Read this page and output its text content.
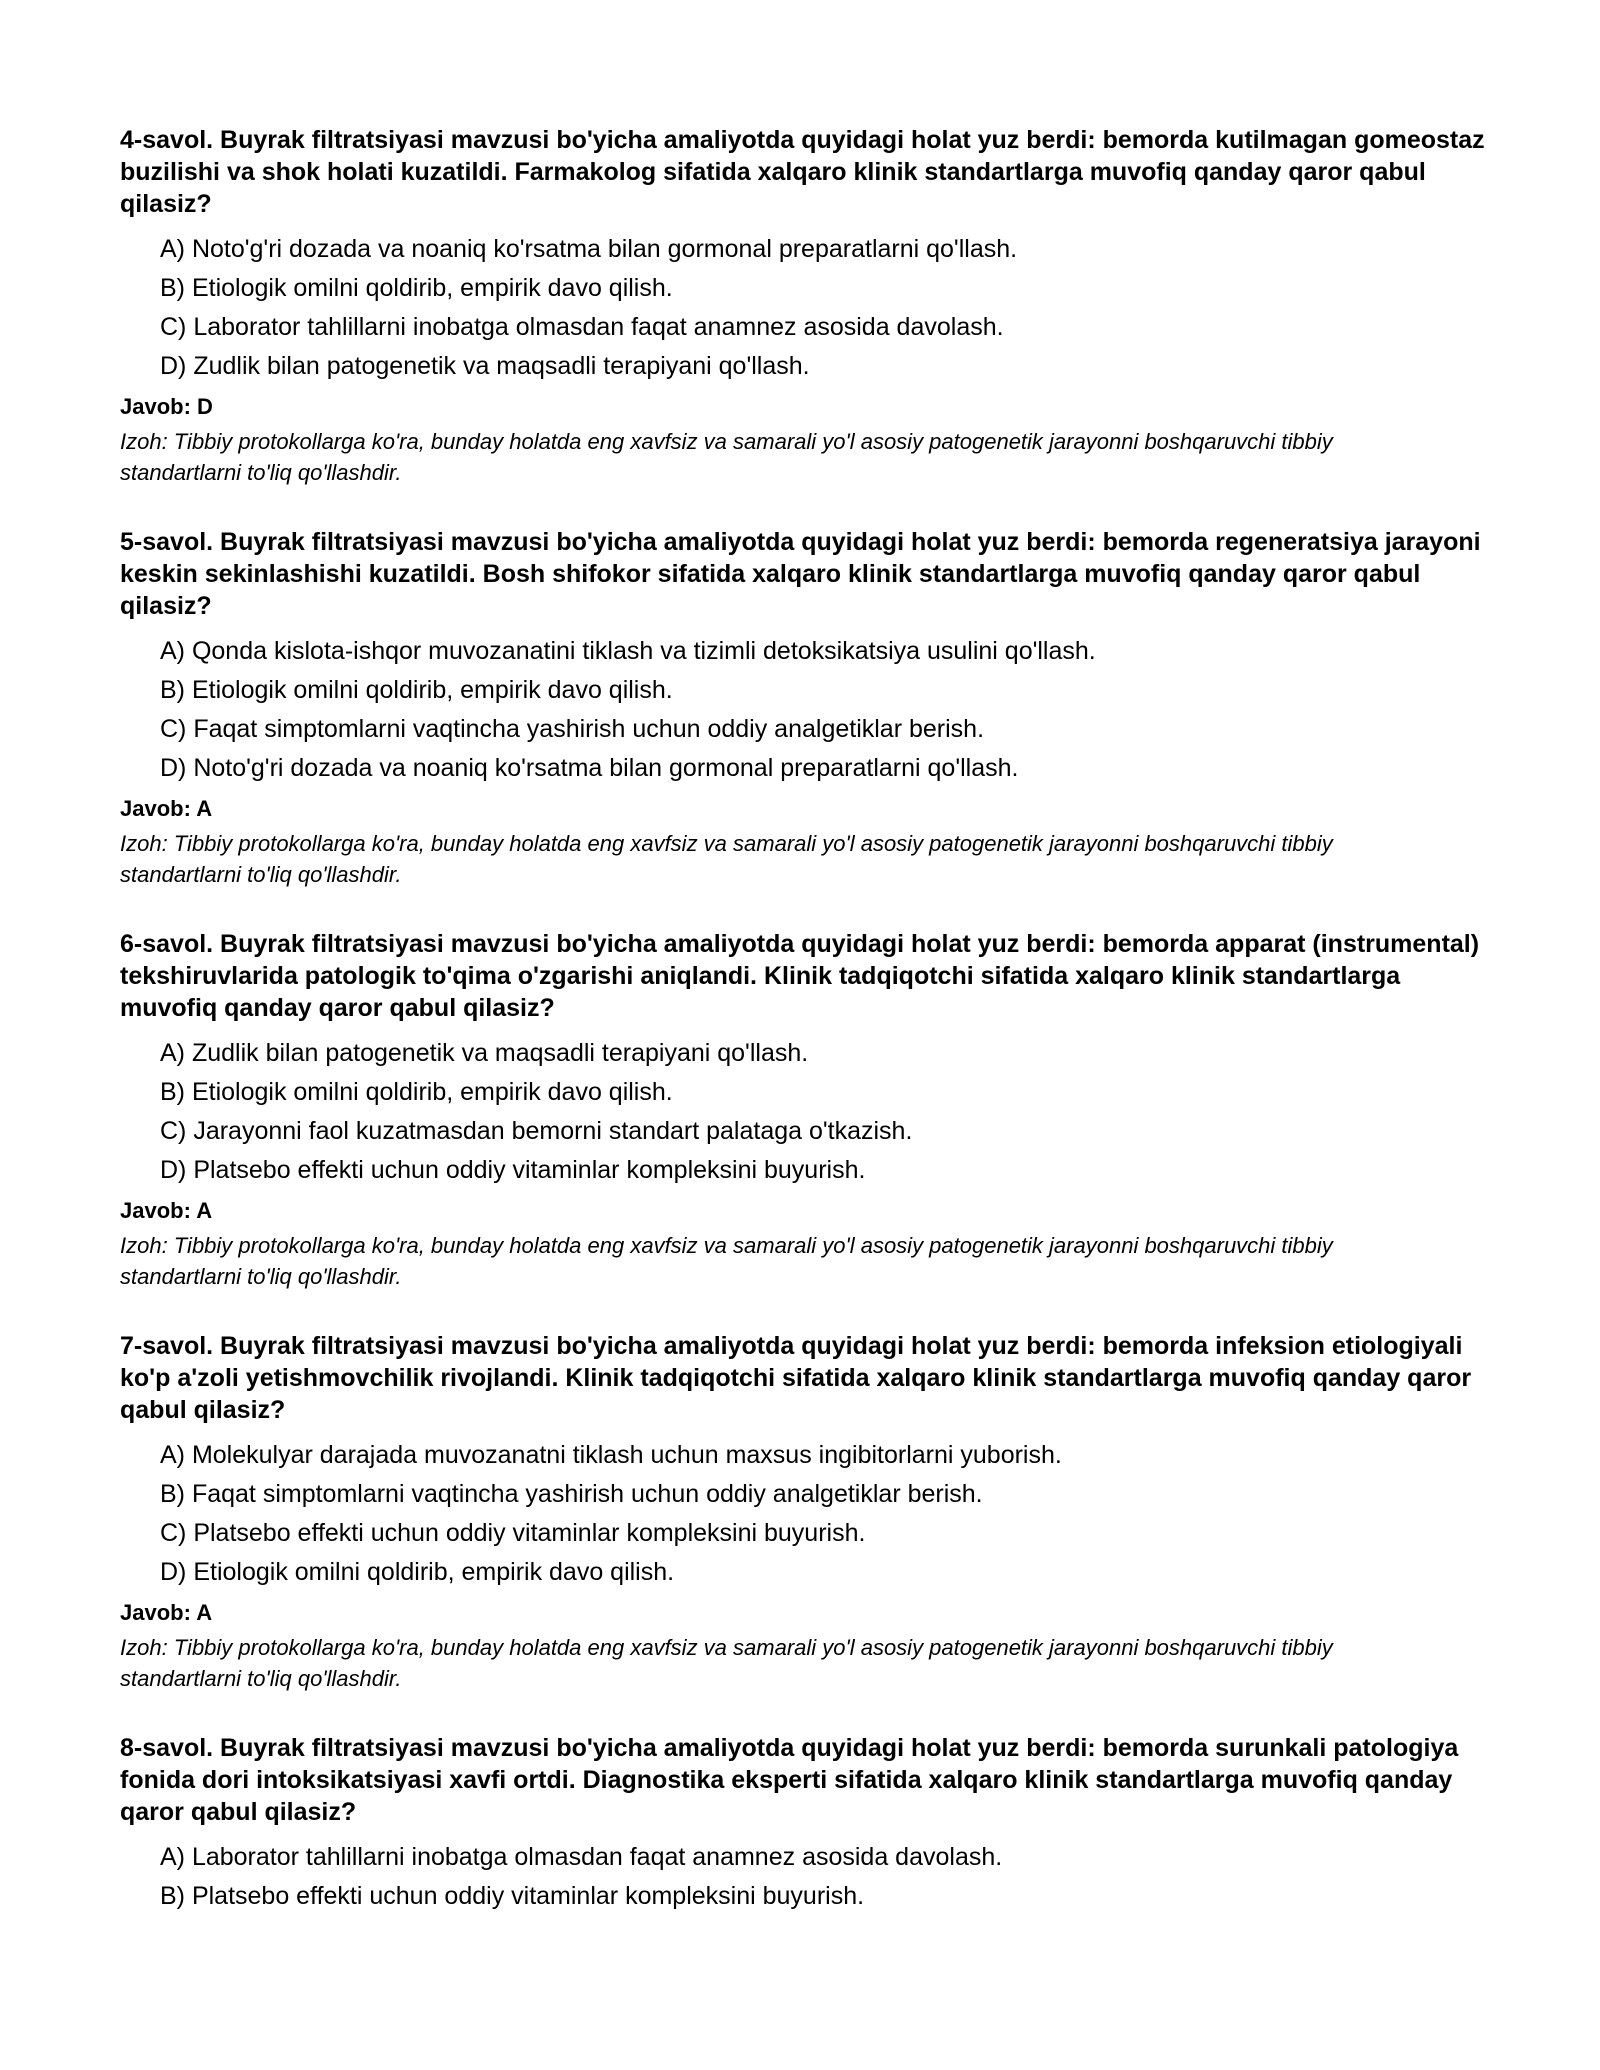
4-savol. Buyrak filtratsiyasi mavzusi bo'yicha amaliyotda quyidagi holat yuz berdi: bemorda kutilmagan gomeostaz buzilishi va shok holati kuzatildi. Farmakolog sifatida xalqaro klinik standartlarga muvofiq qanday qaror qabul qilasiz?
A) Noto'g'ri dozada va noaniq ko'rsatma bilan gormonal preparatlarni qo'llash.
B) Etiologik omilni qoldirib, empirik davo qilish.
C) Laborator tahlillarni inobatga olmasdan faqat anamnez asosida davolash.
D) Zudlik bilan patogenetik va maqsadli terapiyani qo'llash.
Javob: D
Izoh: Tibbiy protokollarga ko'ra, bunday holatda eng xavfsiz va samarali yo'l asosiy patogenetik jarayonni boshqaruvchi tibbiy standartlarni to'liq qo'llashdir.
5-savol. Buyrak filtratsiyasi mavzusi bo'yicha amaliyotda quyidagi holat yuz berdi: bemorda regeneratsiya jarayoni keskin sekinlashishi kuzatildi. Bosh shifokor sifatida xalqaro klinik standartlarga muvofiq qanday qaror qabul qilasiz?
A) Qonda kislota-ishqor muvozanatini tiklash va tizimli detoksikatsiya usulini qo'llash.
B) Etiologik omilni qoldirib, empirik davo qilish.
C) Faqat simptomlarni vaqtincha yashirish uchun oddiy analgetiklar berish.
D) Noto'g'ri dozada va noaniq ko'rsatma bilan gormonal preparatlarni qo'llash.
Javob: A
Izoh: Tibbiy protokollarga ko'ra, bunday holatda eng xavfsiz va samarali yo'l asosiy patogenetik jarayonni boshqaruvchi tibbiy standartlarni to'liq qo'llashdir.
6-savol. Buyrak filtratsiyasi mavzusi bo'yicha amaliyotda quyidagi holat yuz berdi: bemorda apparat (instrumental) tekshiruvlarida patologik to'qima o'zgarishi aniqlandi. Klinik tadqiqotchi sifatida xalqaro klinik standartlarga muvofiq qanday qaror qabul qilasiz?
A) Zudlik bilan patogenetik va maqsadli terapiyani qo'llash.
B) Etiologik omilni qoldirib, empirik davo qilish.
C) Jarayonni faol kuzatmasdan bemorni standart palataga o'tkazish.
D) Platsebo effekti uchun oddiy vitaminlar kompleksini buyurish.
Javob: A
Izoh: Tibbiy protokollarga ko'ra, bunday holatda eng xavfsiz va samarali yo'l asosiy patogenetik jarayonni boshqaruvchi tibbiy standartlarni to'liq qo'llashdir.
7-savol. Buyrak filtratsiyasi mavzusi bo'yicha amaliyotda quyidagi holat yuz berdi: bemorda infeksion etiologiyali ko'p a'zoli yetishmovchilik rivojlandi. Klinik tadqiqotchi sifatida xalqaro klinik standartlarga muvofiq qanday qaror qabul qilasiz?
A) Molekulyar darajada muvozanatni tiklash uchun maxsus ingibitorlarni yuborish.
B) Faqat simptomlarni vaqtincha yashirish uchun oddiy analgetiklar berish.
C) Platsebo effekti uchun oddiy vitaminlar kompleksini buyurish.
D) Etiologik omilni qoldirib, empirik davo qilish.
Javob: A
Izoh: Tibbiy protokollarga ko'ra, bunday holatda eng xavfsiz va samarali yo'l asosiy patogenetik jarayonni boshqaruvchi tibbiy standartlarni to'liq qo'llashdir.
8-savol. Buyrak filtratsiyasi mavzusi bo'yicha amaliyotda quyidagi holat yuz berdi: bemorda surunkali patologiya fonida dori intoksikatsiyasi xavfi ortdi. Diagnostika eksperti sifatida xalqaro klinik standartlarga muvofiq qanday qaror qabul qilasiz?
A) Laborator tahlillarni inobatga olmasdan faqat anamnez asosida davolash.
B) Platsebo effekti uchun oddiy vitaminlar kompleksini buyurish.
